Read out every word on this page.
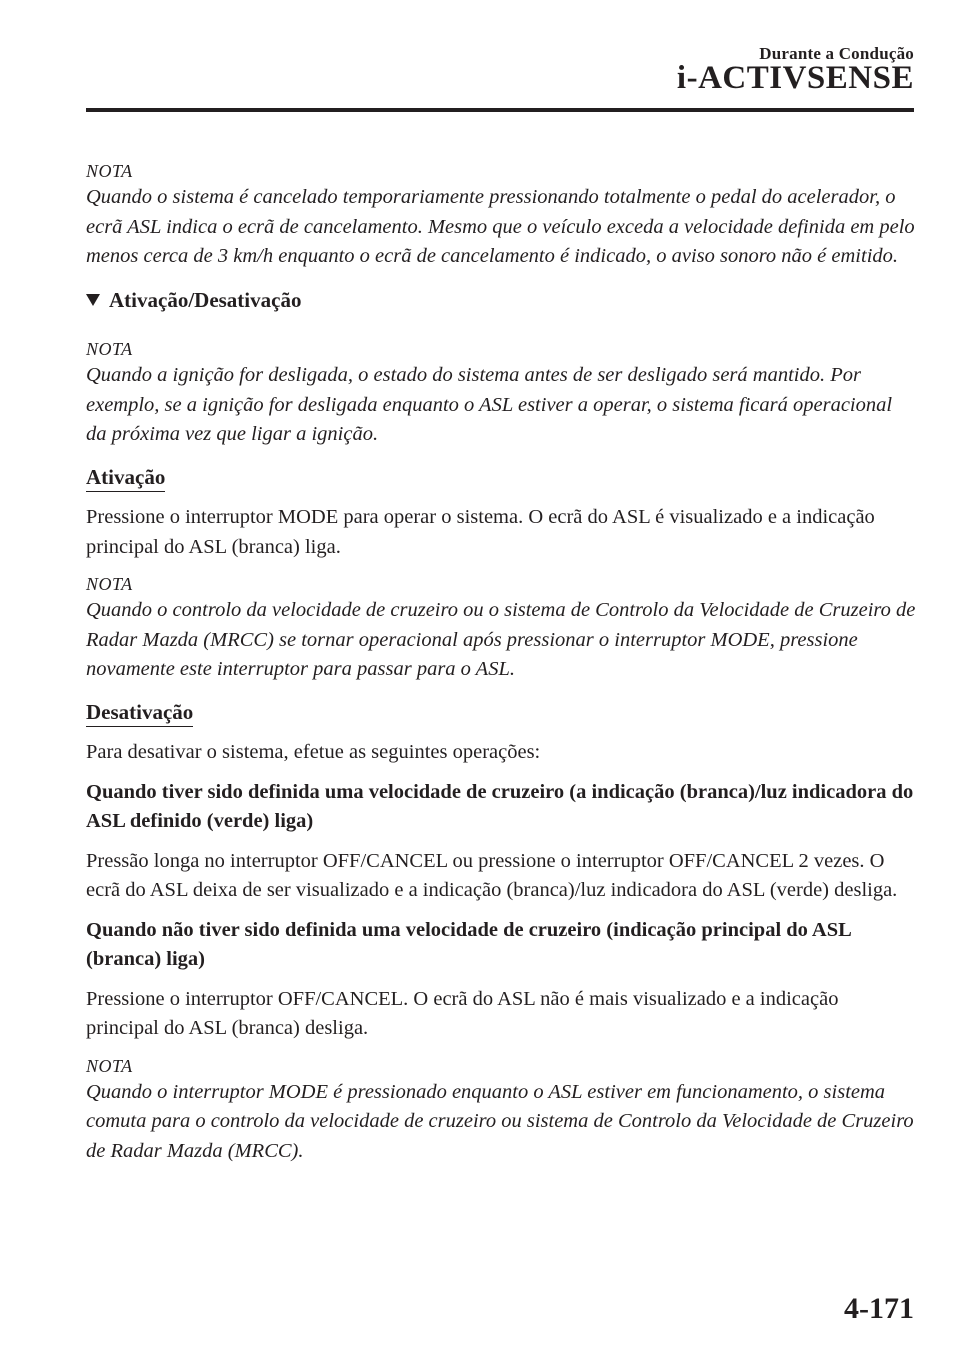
Durante a Condução
i-ACTIVSENSE
NOTA

Quando o sistema é cancelado temporariamente pressionando totalmente o pedal do acelerador, o ecrã ASL indica o ecrã de cancelamento. Mesmo que o veículo exceda a velocidade definida em pelo menos cerca de 3 km/h enquanto o ecrã de cancelamento é indicado, o aviso sonoro não é emitido.

Ativação/Desativação
NOTA

Quando a ignição for desligada, o estado do sistema antes de ser desligado será mantido. Por exemplo, se a ignição for desligada enquanto o ASL estiver a operar, o sistema ficará operacional da próxima vez que ligar a ignição.

Ativação

Pressione o interruptor MODE para operar o sistema. O ecrã do ASL é visualizado e a indicação principal do ASL (branca) liga.

NOTA

Quando o controlo da velocidade de cruzeiro ou o sistema de Controlo da Velocidade de Cruzeiro de Radar Mazda (MRCC) se tornar operacional após pressionar o interruptor MODE, pressione novamente este interruptor para passar para o ASL.

Desativação

Para desativar o sistema, efetue as seguintes operações:

Quando tiver sido definida uma velocidade de cruzeiro (a indicação (branca)/luz indicadora do ASL definido (verde) liga)

Pressão longa no interruptor OFF/CANCEL ou pressione o interruptor OFF/CANCEL 2 vezes. O ecrã do ASL deixa de ser visualizado e a indicação (branca)/luz indicadora do ASL (verde) desliga.

Quando não tiver sido definida uma velocidade de cruzeiro (indicação principal do ASL (branca) liga)

Pressione o interruptor OFF/CANCEL. O ecrã do ASL não é mais visualizado e a indicação principal do ASL (branca) desliga.

NOTA

Quando o interruptor MODE é pressionado enquanto o ASL estiver em funcionamento, o sistema comuta para o controlo da velocidade de cruzeiro ou sistema de Controlo da Velocidade de Cruzeiro de Radar Mazda (MRCC).

4-171
